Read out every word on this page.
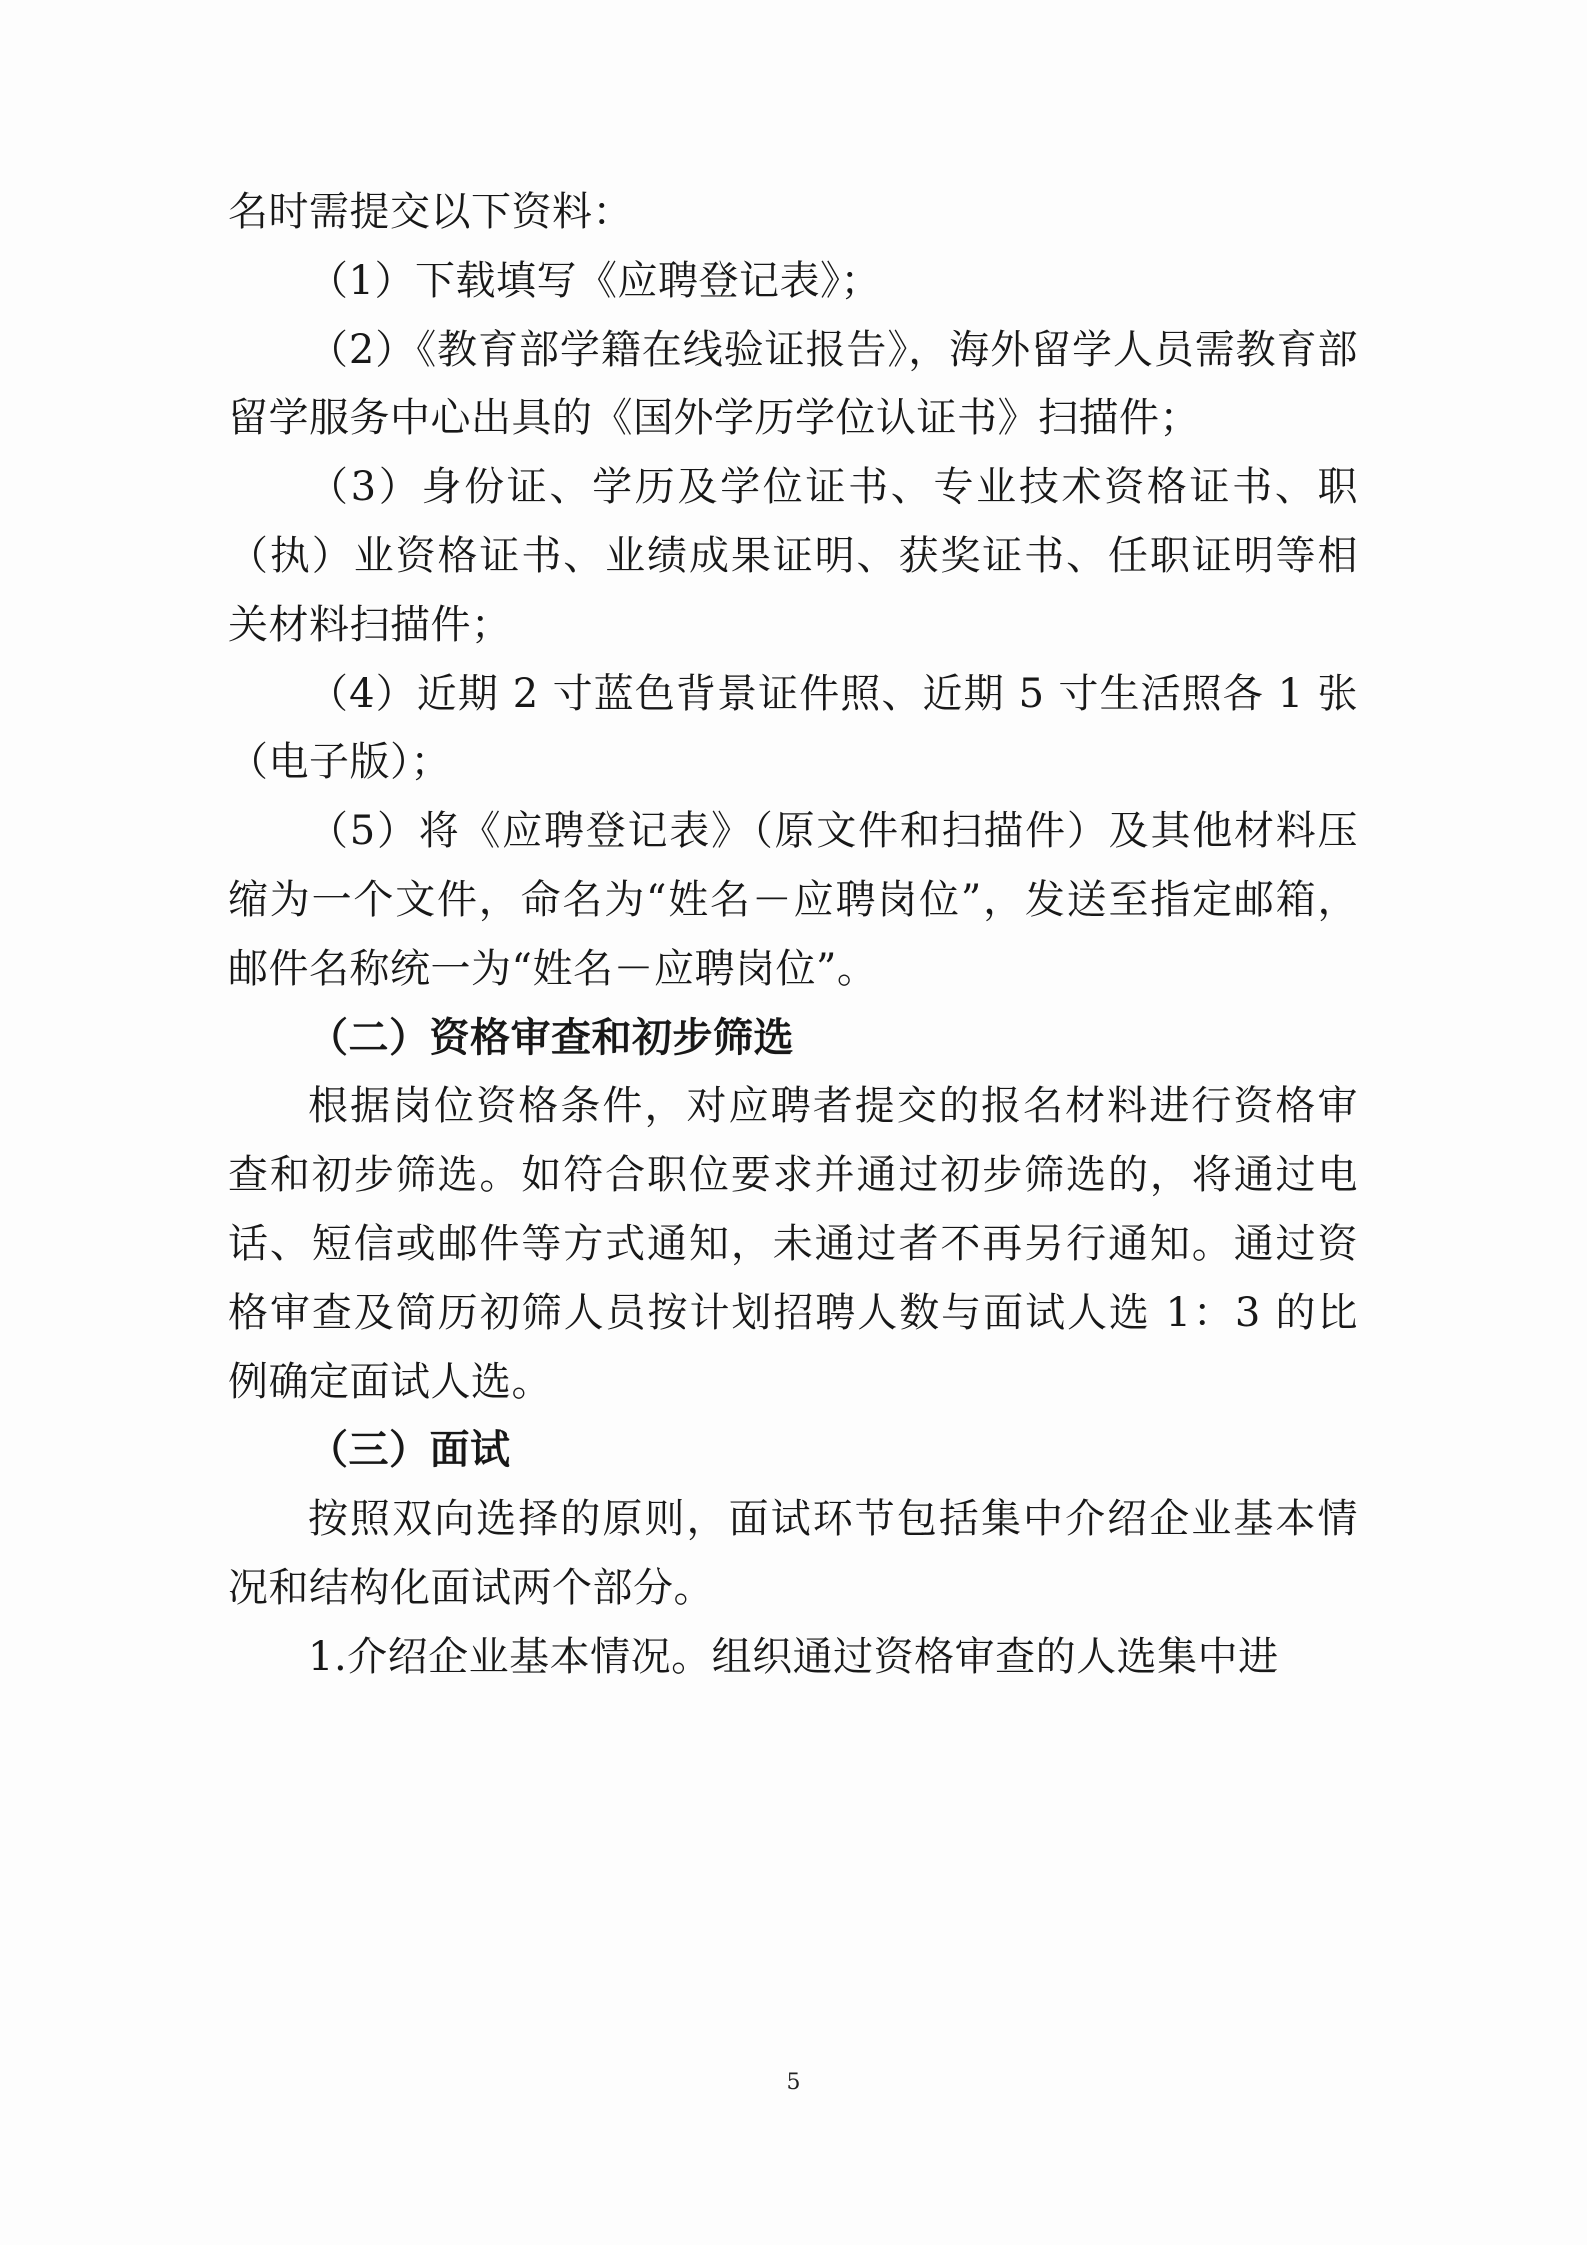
名时需提交以下资料：

（1）下载填写《应聘登记表》；

（2）《教育部学籍在线验证报告》，海外留学人员需教育部留学服务中心出具的《国外学历学位认证书》扫描件；

（3）身份证、学历及学位证书、专业技术资格证书、职（执）业资格证书、业绩成果证明、获奖证书、任职证明等相关材料扫描件；

（4）近期 2 寸蓝色背景证件照、近期 5 寸生活照各 1 张（电子版）；

（5）将《应聘登记表》（原文件和扫描件）及其他材料压缩为一个文件，命名为“姓名－应聘岗位”，发送至指定邮箱，邮件名称统一为“姓名－应聘岗位”。

（二）资格审查和初步筛选

根据岗位资格条件，对应聘者提交的报名材料进行资格审查和初步筛选。如符合职位要求并通过初步筛选的，将通过电话、短信或邮件等方式通知，未通过者不再另行通知。通过资格审查及简历初筛人员按计划招聘人数与面试人选 1：3 的比例确定面试人选。

（三）面试

按照双向选择的原则，面试环节包括集中介绍企业基本情况和结构化面试两个部分。

1.介绍企业基本情况。组织通过资格审查的人选集中进

5
